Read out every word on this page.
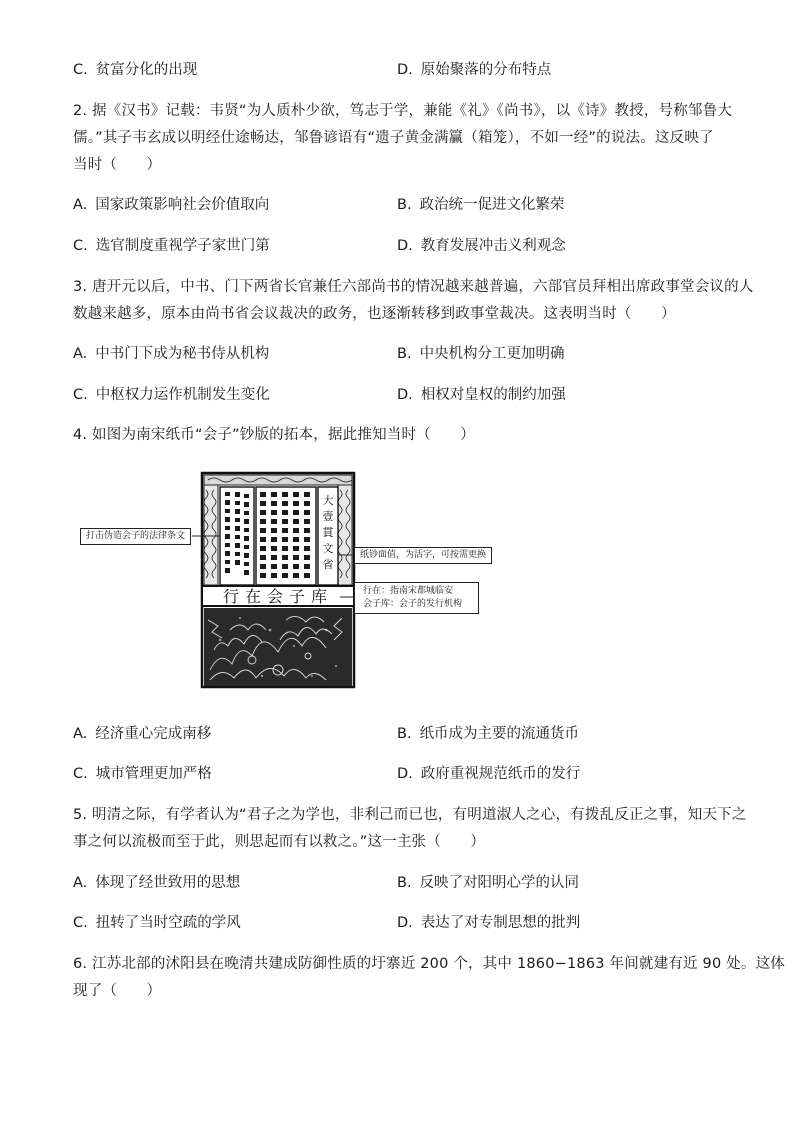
C. 贫富分化的出现	D. 原始聚落的分布特点
2. 据《汉书》记载：韦贤“为人质朴少欲，笃志于学，兼能《礼》《尚书》，以《诗》教授，号称邹鲁大
儒。”其子韦玄成以明经仕途畅达，邹鲁谚语有“遗子黄金满籯（箱笼），不如一经”的说法。这反映了
当时（　　）
A. 国家政策影响社会价值取向	B. 政治统一促进文化繁荣
C. 选官制度重视学子家世门第	D. 教育发展冲击义利观念
3. 唐开元以后，中书、门下两省长官兼任六部尚书的情况越来越普遍，六部官员拜相出席政事堂会议的人
数越来越多，原本由尚书省会议裁决的政务，也逐渐转移到政事堂裁决。这表明当时（　　）
A. 中书门下成为秘书侍从机构	B. 中央机构分工更加明确
C. 中枢权力运作机制发生变化	D. 相权对皇权的制约加强
4. 如图为南宋纸币“会子”钞版的拓本，据此推知当时（　　）
大
壹
貫
文
省
行在会子库
打击伪造会子的法律条文
纸钞面值，为活字，可按需更换
行在：指南宋都城临安
会子库：会子的发行机构
A. 经济重心完成南移	B. 纸币成为主要的流通货币
C. 城市管理更加严格	D. 政府重视规范纸币的发行
5. 明清之际，有学者认为“君子之为学也，非利己而已也，有明道淑人之心，有拨乱反正之事，知天下之
事之何以流极而至于此，则思起而有以救之。”这一主张（　　）
A. 体现了经世致用的思想	B. 反映了对阳明心学的认同
C. 扭转了当时空疏的学风	D. 表达了对专制思想的批判
6. 江苏北部的沭阳县在晚清共建成防御性质的圩寨近 200 个，其中 1860−1863 年间就建有近 90 处。这体
现了（　　）
